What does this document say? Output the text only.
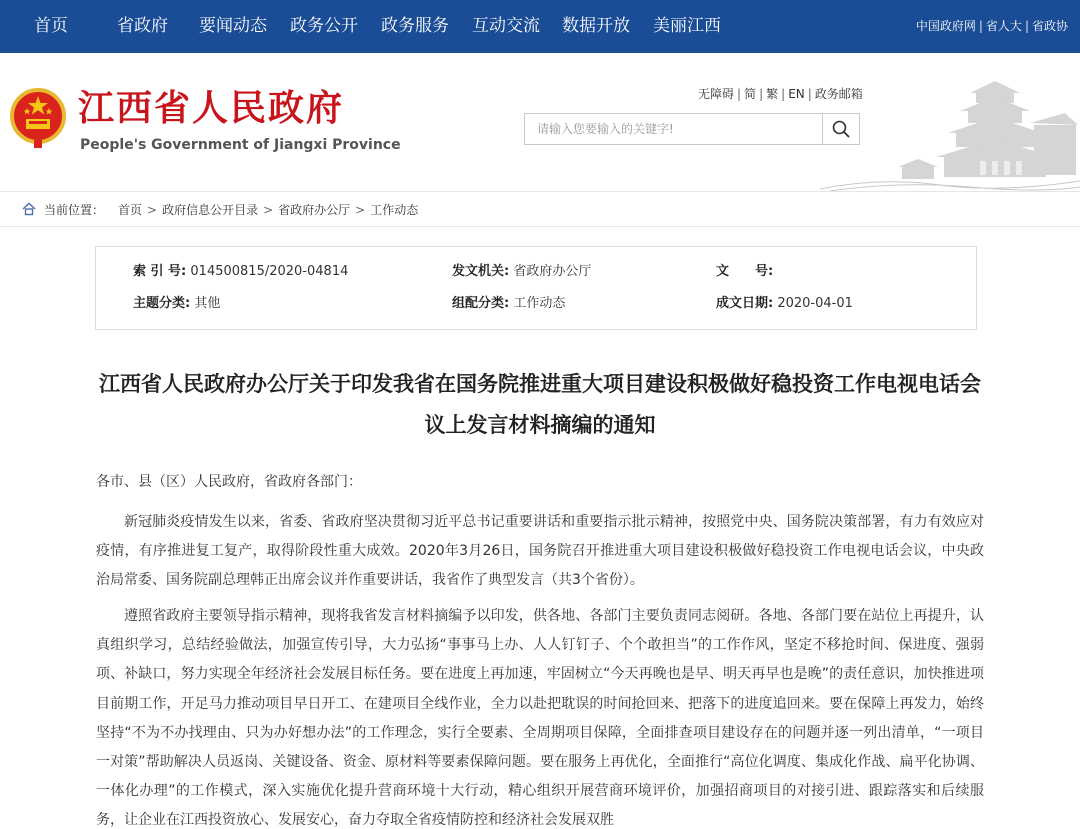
首页	省政府 要闻动态 政务公开 政务服务 互动交流 数据开放 美丽江西	中国政府网 | 省人大 | 省政协
江西省人民政府
People's Government of Jiangxi Province
无障碍 | 简 | 繁 | EN | 政务邮箱
请输入您要输入的关键字!
当前位置： 首页 > 政府信息公开目录 > 省政府办公厅 > 工作动态
索 引 号: 014500815/2020-04814	发文机关: 省政府办公厅	文　　号:
主题分类: 其他	组配分类: 工作动态	成文日期: 2020-04-01
江西省人民政府办公厅关于印发我省在国务院推进重大项目建设积极做好稳投资工作电视电话会议上发言材料摘编的通知

各市、县（区）人民政府，省政府各部门：

新冠肺炎疫情发生以来，省委、省政府坚决贯彻习近平总书记重要讲话和重要指示批示精神，按照党中央、国务院决策部署，有力有效应对疫情，有序推进复工复产，取得阶段性重大成效。2020年3月26日，国务院召开推进重大项目建设积极做好稳投资工作电视电话会议，中央政治局常委、国务院副总理韩正出席会议并作重要讲话，我省作了典型发言（共3个省份）。

遵照省政府主要领导指示精神，现将我省发言材料摘编予以印发，供各地、各部门主要负责同志阅研。各地、各部门要在站位上再提升，认真组织学习，总结经验做法，加强宣传引导，大力弘扬“事事马上办、人人钉钉子、个个敢担当”的工作作风，坚定不移抢时间、保进度、强弱项、补缺口，努力实现全年经济社会发展目标任务。要在进度上再加速，牢固树立“今天再晚也是早、明天再早也是晚”的责任意识，加快推进项目前期工作，开足马力推动项目早日开工、在建项目全线作业，全力以赴把耽误的时间抢回来、把落下的进度追回来。要在保障上再发力，始终坚持“不为不办找理由、只为办好想办法”的工作理念，实行全要素、全周期项目保障，全面排查项目建设存在的问题并逐一列出清单，“一项目一对策”帮助解决人员返岗、关键设备、资金、原材料等要素保障问题。要在服务上再优化，全面推行“高位化调度、集成化作战、扁平化协调、一体化办理”的工作模式，深入实施优化提升营商环境十大行动，精心组织开展营商环境评价，加强招商项目的对接引进、跟踪落实和后续服务，让企业在江西投资放心、发展安心，奋力夺取全省疫情防控和经济社会发展双胜
